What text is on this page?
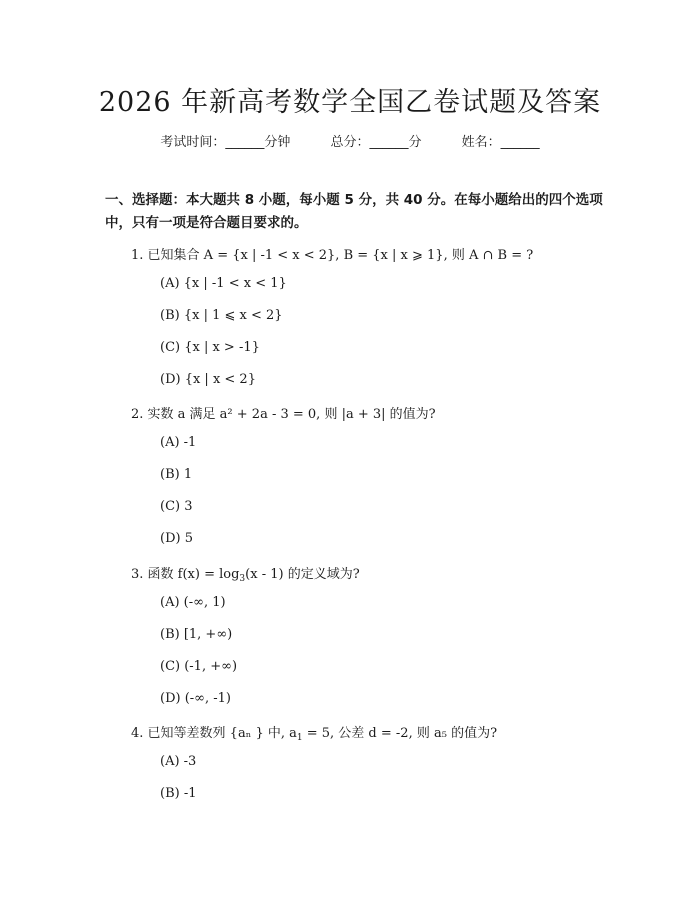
2026 年新高考数学全国乙卷试题及答案
考试时间：______分钟	总分：______分	姓名：______
一、选择题：本大题共 8 小题，每小题 5 分，共 40 分。在每小题给出的四个选项中，只有一项是符合题目要求的。
1. 已知集合 A = {x | -1 < x < 2}, B = {x | x ⩾ 1}, 则 A ∩ B = ?
(A) {x | -1 < x < 1}
(B) {x | 1 ⩽ x < 2}
(C) {x | x > -1}
(D) {x | x < 2}
2. 实数 a 满足 a² + 2a - 3 = 0, 则 |a + 3| 的值为?
(A) -1
(B) 1
(C) 3
(D) 5
3. 函数 $f(x) = \log_3(x - 1)$ 的定义域为?
(A) (-∞, 1)
(B) [1, +∞)
(C) (-1, +∞)
(D) (-∞, -1)
4. 已知等差数列 {aₙ } 中, $a_1 = 5$, 公差 d = -2, 则 a₅ 的值为?
(A) -3
(B) -1
